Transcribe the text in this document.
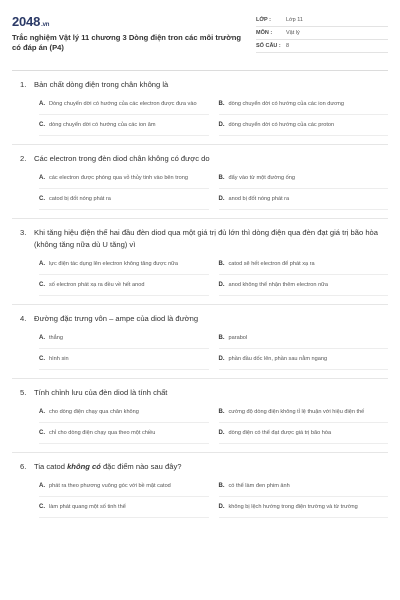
2048.vn
Trắc nghiệm Vật lý 11 chương 3 Dòng điện tron các môi trường có đáp án (P4)
LỚP :	Lớp 11
MÔN :	Vật lý
SỐ CÂU : 8
1.	Bản chất dòng điện trong chân không là
A. Dòng chuyển dời có hướng của các electron được đưa vào	B. dòng chuyển dời có hướng của các ion dương
C. dòng chuyển dời có hướng của các ion âm	D. dòng chuyển dời có hướng của các proton
2.	Các electron trong đèn diod chân không có được do
A. các electron được phóng qua vỏ thủy tinh vào bên trong	B. đẩy vào từ một đường ống
C. catod bị đốt nóng phát ra	D. anod bị đốt nóng phát ra
3.	Khi tăng hiệu điện thế hai đầu đèn diod qua một giá trị đủ lớn thì dòng điện qua đèn đạt giá trị bão hòa (không tăng nữa dù U tăng) vì
A. lực điện tác dụng lên electron không tăng được nữa	B. catod sẽ hết electron để phát xạ ra
C. số electron phát xạ ra đều về hết anod	D. anod không thể nhận thêm electron nữa
4.	Đường đặc trưng vôn – ampe của diod là đường
A. thẳng	B. parabol
C. hình sin	D. phần đầu dốc lên, phần sau nằm ngang
5.	Tính chỉnh lưu của đèn diod là tính chất
A. cho dòng điện chạy qua chân không	B. cường độ dòng điện không tỉ lệ thuận với hiệu điện thế
C. chỉ cho dòng điện chạy qua theo một chiều	D. dòng điện có thể đạt được giá trị bão hòa
6.	Tia catod không có đặc điểm nào sau đây?
A. phát ra theo phương vuông góc với bề mặt catod	B. có thể làm đen phim ảnh
C. làm phát quang một số tinh thể	D. không bị lệch hướng trong điện trường và từ trường
